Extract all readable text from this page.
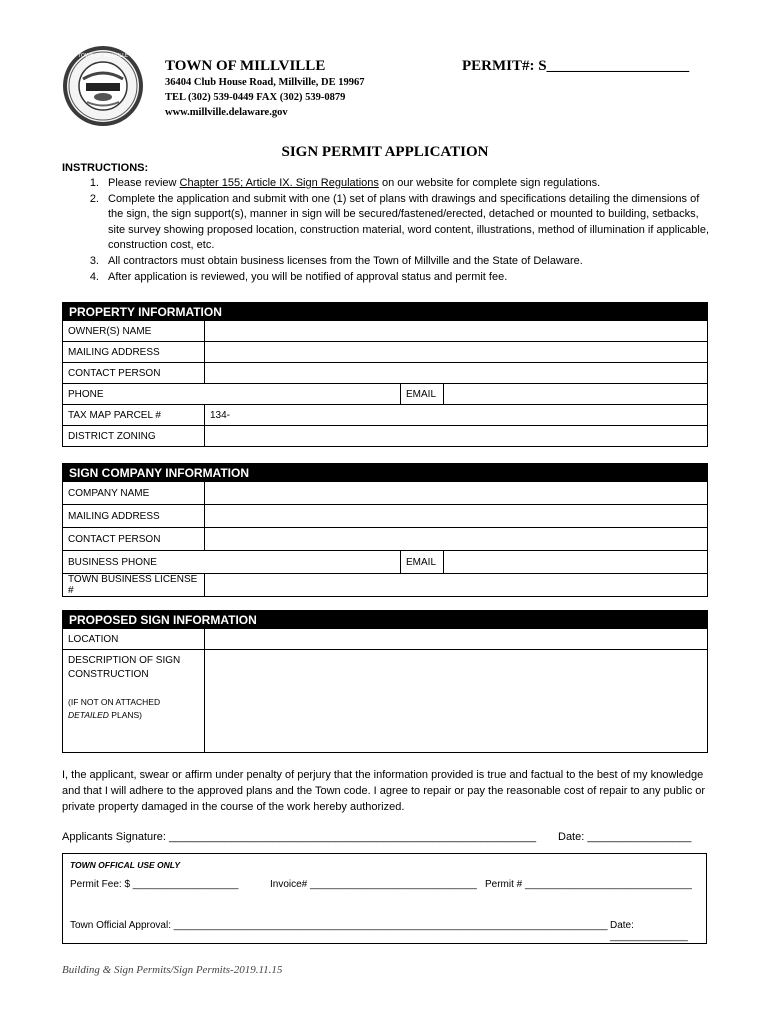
TOWN OF MILLVILLE
TOWN OF MILLVILLE	PERMIT#: S___________________
36404 Club House Road, Millville, DE 19967
TEL (302) 539-0449 FAX (302) 539-0879
www.millville.delaware.gov
SIGN PERMIT APPLICATION
INSTRUCTIONS:
1. Please review Chapter 155; Article IX. Sign Regulations on our website for complete sign regulations.
2. Complete the application and submit with one (1) set of plans with drawings and specifications detailing the dimensions of the sign, the sign support(s), manner in sign will be secured/fastened/erected, detached or mounted to building, setbacks, site survey showing proposed location, construction material, word content, illustrations, method of illumination if applicable, construction cost, etc.
3. All contractors must obtain business licenses from the Town of Millville and the State of Delaware.
4. After application is reviewed, you will be notified of approval status and permit fee.
PROPERTY INFORMATION			
OWNER(S) NAME			
MAILING ADDRESS			
CONTACT PERSON			
PHONE		EMAIL	
TAX MAP PARCEL #	134-		
DISTRICT ZONING			
SIGN COMPANY INFORMATION			
COMPANY NAME			
MAILING ADDRESS			
CONTACT PERSON			
BUSINESS PHONE		EMAIL	
TOWN BUSINESS LICENSE #			
PROPOSED SIGN INFORMATION	
LOCATION	

DESCRIPTION OF SIGN CONSTRUCTION
(IF NOT ON ATTACHED
DETAILED PLANS)	

I, the applicant, swear or affirm under penalty of perjury that the information provided is true and factual to the best of my knowledge and that I will adhere to the approved plans and the Town code. I agree to repair or pay the reasonable cost of repair to any public or private property damaged in the course of the work hereby authorized.
Applicants Signature: ____________________________________________________________ Date: _________________
TOWN OFFICAL USE ONLY
Permit Fee: $ ___________________	Invoice# ______________________________ Permit # ______________________________
Town Official Approval: ______________________________________________________________________________ Date: ______________
Building & Sign Permits/Sign Permits-2019.11.15
